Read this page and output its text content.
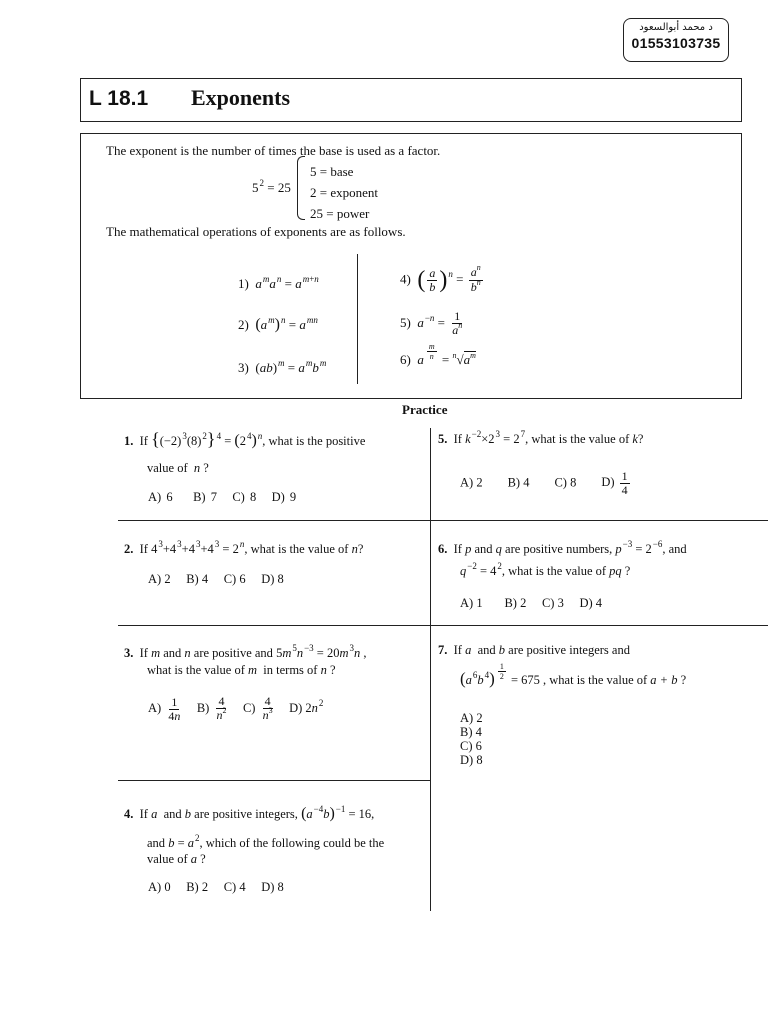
د محمد أبوالسعود
01553103735
L 18.1 Exponents
The exponent is the number of times the base is used as a factor.
$5^2 = 25$
5 = base
2 = exponent
25 = power
The mathematical operations of exponents are as follows.
1) $a^ma^n = a^{m+n}$
2) $(a^m)^n = a^{mn}$
3)  $(ab)^m = a^mb^m$
4) ( $\frac{a}{b} )^n = \frac{a^n}{b^n}$
5) $a^{-n} = \frac{1}{a^n}$
6) a $^{\frac{m}{n}} = ^n√a^m$
Practice
1. If $\{(-2)^3(8)^2\}^4 = (2^4)^n$, what is the positive
value of n ?
A) 6 B) 7 C) 8 D) 9
5. If $k^{-2}\times 2^3 = 2^7$, what is the value of k?
A) 2 B) 4 C) 8 $D) \frac{1}{4}$
2. If $4^3+4^3+4^3+4^3 = 2^n$, what is the value of n?
A) 2 B) 4 C) 6 D) 8
6. If p and q are positive numbers, $p^{-3} = 2^{-6}$, and
$q^{-2} = 4^2$, what is the value of pq ?
A) 1 B) 2 C) 3 D) 4
3. If m and n are positive and $5m^5n^{-3} = 20m^3n$ ,
what is the value of m in terms of n ?
$A) \frac{1}{4n} B) \frac{4}{n^2} C) \frac{4}{n^3} D$) $2n^2$
7. If a and b are positive integers and
$(a^6b^4) ^{\frac{1}{2}} = 675$ , what is the value of a + b ?
A) 2
B) 4
C) 6
D) 8
4. If a and b are positive integers, $(a^{-4}b)^{-1} = 16$,
and $b = a^2$, which of the following could be the
value of a ?
A) 0 B) 2 C) 4 D) 8
